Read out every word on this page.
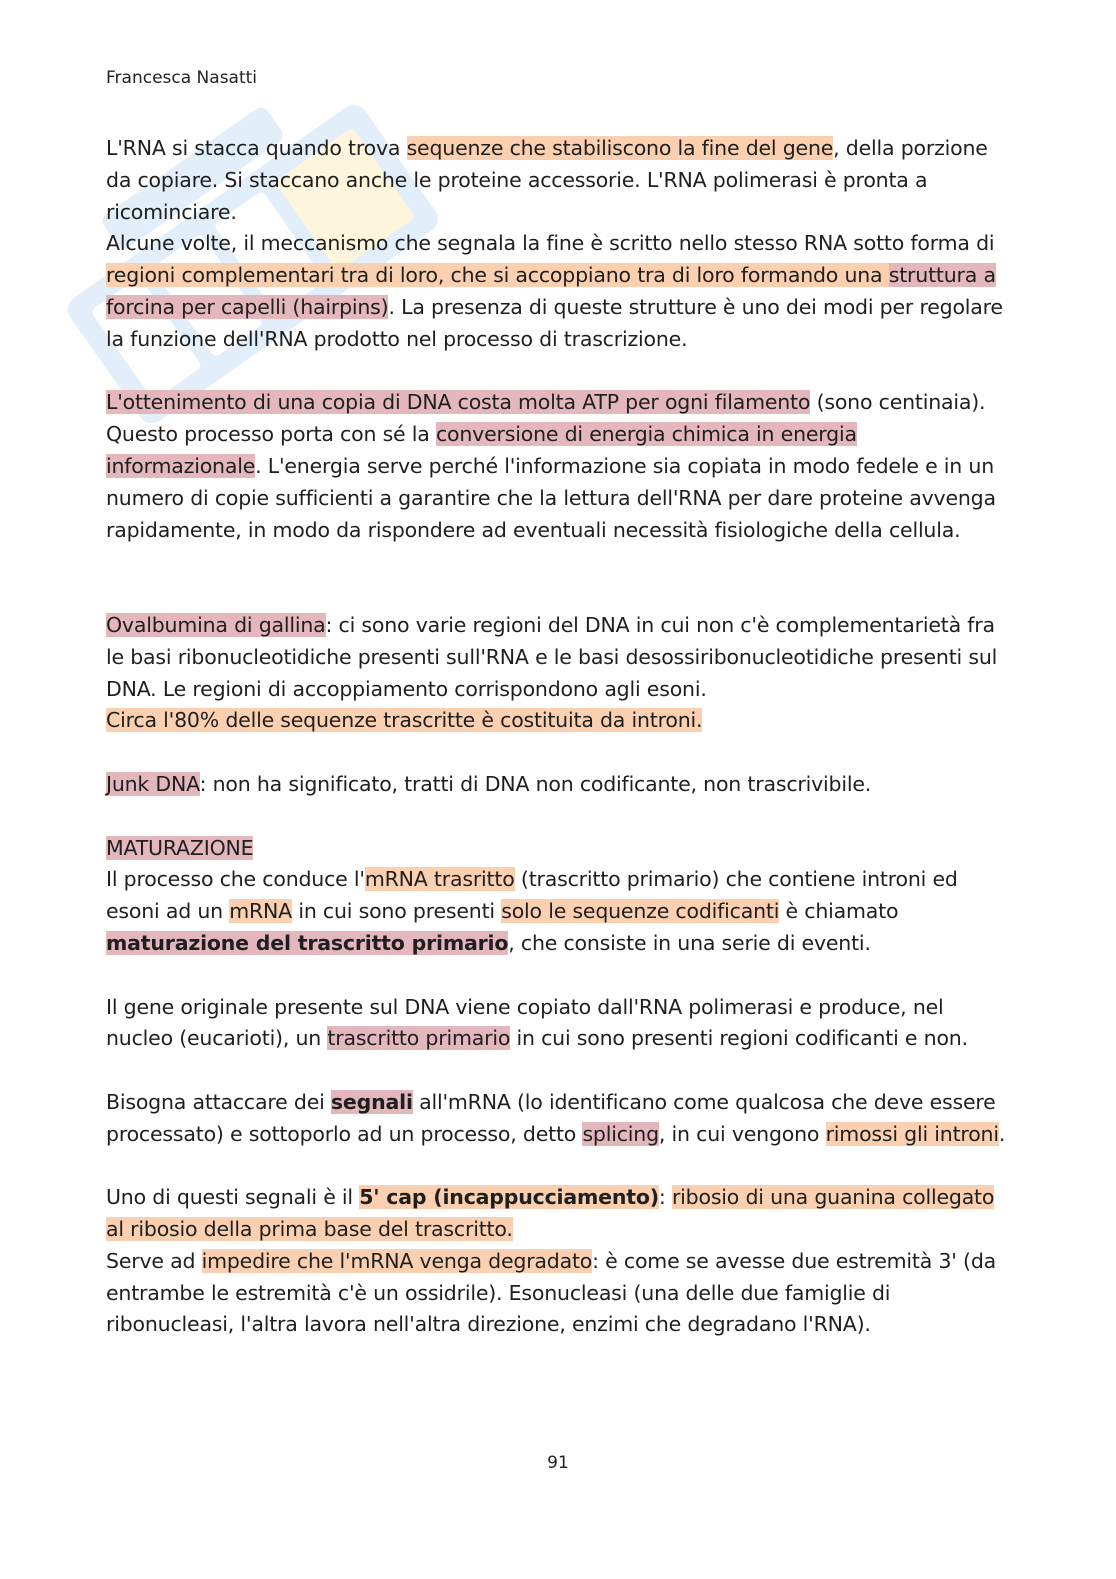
Francesca Nasatti

L'RNA si stacca quando trova sequenze che stabiliscono la fine del gene, della porzione da copiare. Si staccano anche le proteine accessorie. L'RNA polimerasi è pronta a ricominciare.

Alcune volte, il meccanismo che segnala la fine è scritto nello stesso RNA sotto forma di regioni complementari tra di loro, che si accoppiano tra di loro formando una struttura a forcina per capelli (hairpins). La presenza di queste strutture è uno dei modi per regolare la funzione dell'RNA prodotto nel processo di trascrizione.

L'ottenimento di una copia di DNA costa molta ATP per ogni filamento (sono centinaia). Questo processo porta con sé la conversione di energia chimica in energia informazionale. L'energia serve perché l'informazione sia copiata in modo fedele e in un numero di copie sufficienti a garantire che la lettura dell'RNA per dare proteine avvenga rapidamente, in modo da rispondere ad eventuali necessità fisiologiche della cellula.

Ovalbumina di gallina: ci sono varie regioni del DNA in cui non c'è complementarietà fra le basi ribonucleotidiche presenti sull'RNA e le basi desossiribonucleotidiche presenti sul DNA. Le regioni di accoppiamento corrispondono agli esoni.

Circa l'80% delle sequenze trascritte è costituita da introni.

Junk DNA: non ha significato, tratti di DNA non codificante, non trascrivibile.

MATURAZIONE

Il processo che conduce l'mRNA trasritto (trascritto primario) che contiene introni ed esoni ad un mRNA in cui sono presenti solo le sequenze codificanti è chiamato maturazione del trascritto primario, che consiste in una serie di eventi.

Il gene originale presente sul DNA viene copiato dall'RNA polimerasi e produce, nel nucleo (eucarioti), un trascritto primario in cui sono presenti regioni codificanti e non.

Bisogna attaccare dei segnali all'mRNA (lo identificano come qualcosa che deve essere processato) e sottoporlo ad un processo, detto splicing, in cui vengono rimossi gli introni.

Uno di questi segnali è il 5' cap (incappucciamento): ribosio di una guanina collegato al ribosio della prima base del trascritto.

Serve ad impedire che l'mRNA venga degradato: è come se avesse due estremità 3' (da entrambe le estremità c'è un ossidrile). Esonucleasi (una delle due famiglie di ribonucleasi, l'altra lavora nell'altra direzione, enzimi che degradano l'RNA).

91
